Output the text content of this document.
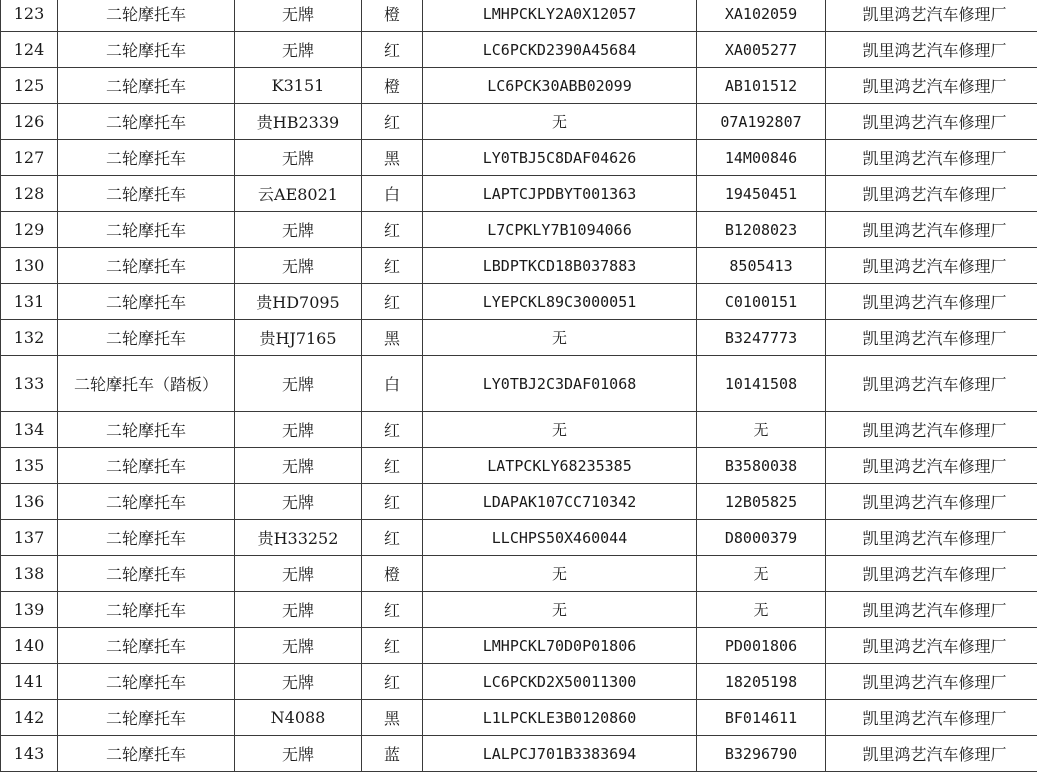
123	二轮摩托车	无牌	橙	LMHPCKLY2A0X12057	XA102059	凯里鸿艺汽车修理厂
124	二轮摩托车	无牌	红	LC6PCKD2390A45684	XA005277	凯里鸿艺汽车修理厂
125	二轮摩托车	K3151	橙	LC6PCK30ABB02099	AB101512	凯里鸿艺汽车修理厂
126	二轮摩托车	贵HB2339	红	无	07A192807	凯里鸿艺汽车修理厂
127	二轮摩托车	无牌	黑	LY0TBJ5C8DAF04626	14M00846	凯里鸿艺汽车修理厂
128	二轮摩托车	云AE8021	白	LAPTCJPDBYT001363	19450451	凯里鸿艺汽车修理厂
129	二轮摩托车	无牌	红	L7CPKLY7B1094066	B1208023	凯里鸿艺汽车修理厂
130	二轮摩托车	无牌	红	LBDPTKCD18B037883	8505413	凯里鸿艺汽车修理厂
131	二轮摩托车	贵HD7095	红	LYEPCKL89C3000051	C0100151	凯里鸿艺汽车修理厂
132	二轮摩托车	贵HJ7165	黑	无	B3247773	凯里鸿艺汽车修理厂
133	二轮摩托车（踏板）	无牌	白	LY0TBJ2C3DAF01068	10141508	凯里鸿艺汽车修理厂
134	二轮摩托车	无牌	红	无	无	凯里鸿艺汽车修理厂
135	二轮摩托车	无牌	红	LATPCKLY68235385	B3580038	凯里鸿艺汽车修理厂
136	二轮摩托车	无牌	红	LDAPAK107CC710342	12B05825	凯里鸿艺汽车修理厂
137	二轮摩托车	贵H33252	红	LLCHPS50X460044	D8000379	凯里鸿艺汽车修理厂
138	二轮摩托车	无牌	橙	无	无	凯里鸿艺汽车修理厂
139	二轮摩托车	无牌	红	无	无	凯里鸿艺汽车修理厂
140	二轮摩托车	无牌	红	LMHPCKL70D0P01806	PD001806	凯里鸿艺汽车修理厂
141	二轮摩托车	无牌	红	LC6PCKD2X50011300	18205198	凯里鸿艺汽车修理厂
142	二轮摩托车	N4088	黑	L1LPCKLE3B0120860	BF014611	凯里鸿艺汽车修理厂
143	二轮摩托车	无牌	蓝	LALPCJ701B3383694	B3296790	凯里鸿艺汽车修理厂
